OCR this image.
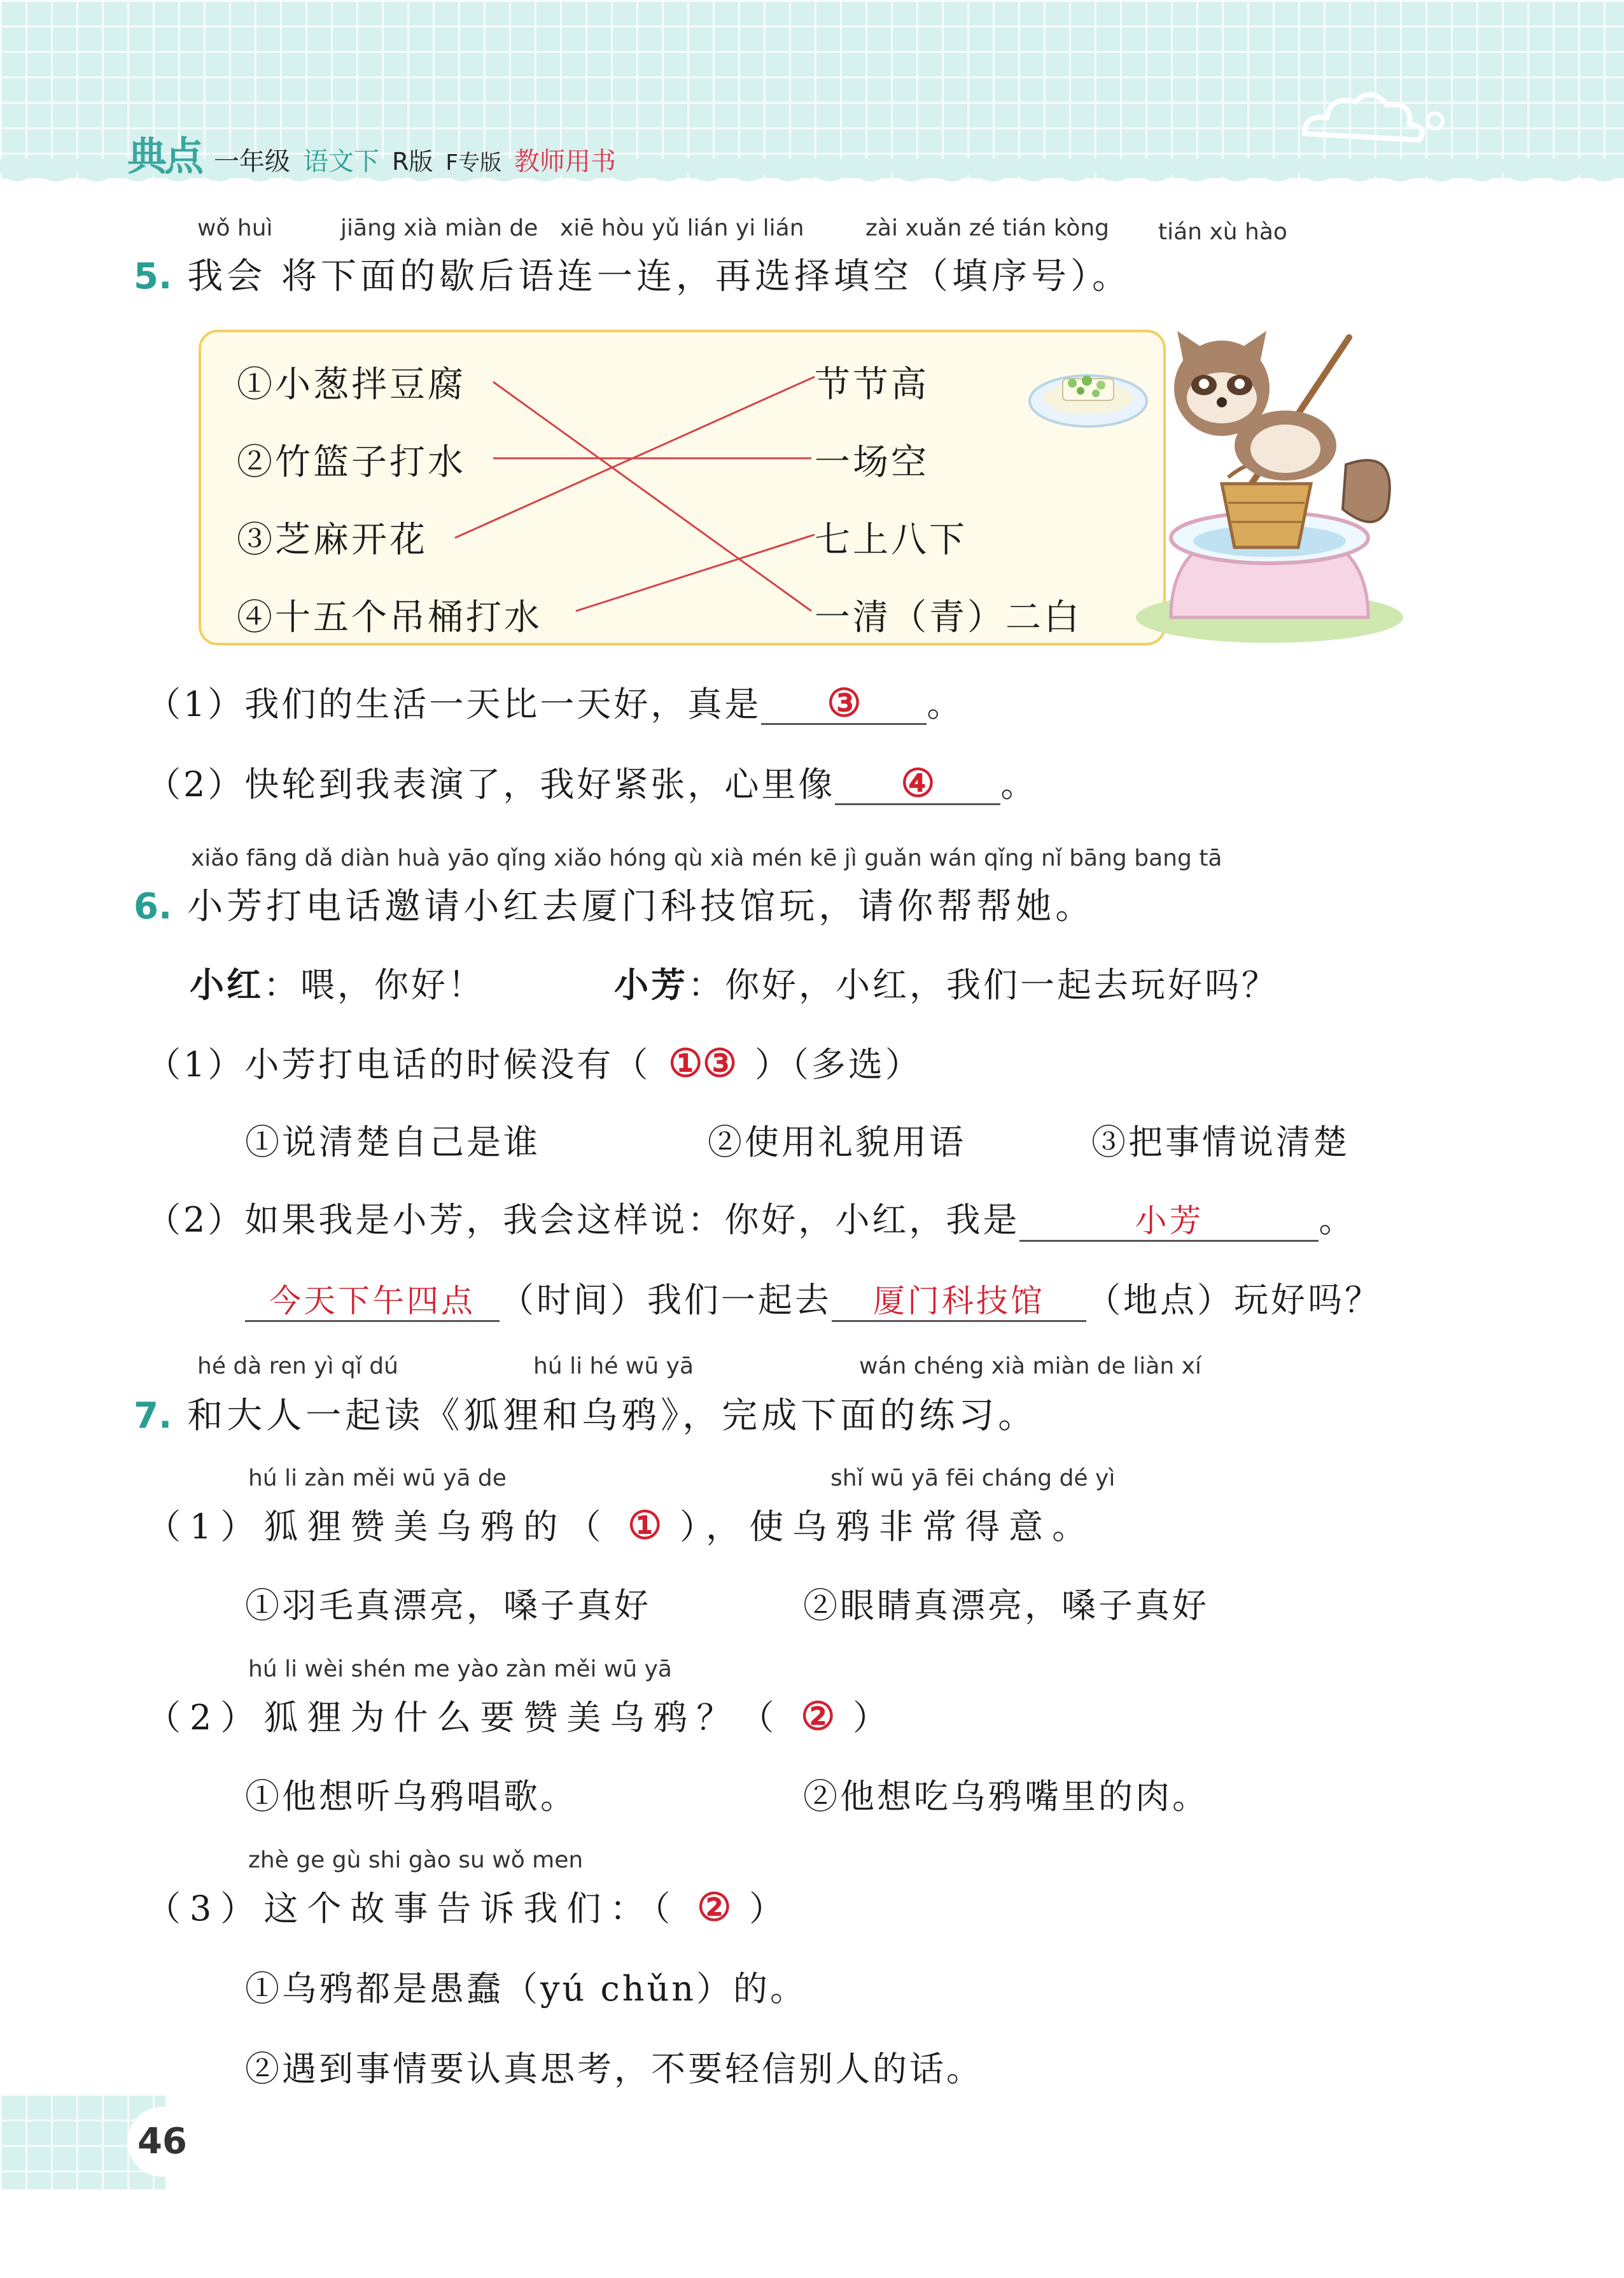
典点 一年级 语文下 R版 F专版 教师用书
wǒ huì	jiāng xià miàn de xiē hòu yǔ lián yi lián	zài xuǎn zé tián kòng tián xù hào
5. 我会 将下面的歇后语连一连，再选择填空（填序号）。
①小葱拌豆腐
②竹篮子打水
③芝麻开花
④十五个吊桶打水
节节高
一场空
七上八下
一清（青）二白
（1）我们的生活一天比一天好，真是 ③ 。
（2）快轮到我表演了，我好紧张，心里像 ④ 。
xiǎo fāng dǎ diàn huà yāo qǐng xiǎo hóng qù xià mén kē jì guǎn wán qǐng nǐ bāng bang tā
6. 小芳打电话邀请小红去厦门科技馆玩，请你帮帮她。
小红：喂，你好！	小芳：你好，小红，我们一起去玩好吗？
（1）小芳打电话的时候没有（ ①③ ）（多选）
①说清楚自己是谁	②使用礼貌用语	③把事情说清楚
（2）如果我是小芳，我会这样说：你好，小红，我是	小芳	。
今天下午四点 （时间）我们一起去 厦门科技馆 （地点）玩好吗？
hé dà ren yì qǐ dú	hú li hé wū yā	wán chéng xià miàn de liàn xí
7. 和大人一起读《狐狸和乌鸦》，完成下面的练习。
hú li zàn měi wū yā de	shǐ wū yā fēi cháng dé yì
（1）狐狸赞美乌鸦的（ ① ），使乌鸦非常得意。
①羽毛真漂亮，嗓子真好	②眼睛真漂亮，嗓子真好
hú li wèi shén me yào zàn měi wū yā
（2）狐狸为什么要赞美乌鸦？（ ② ）
①他想听乌鸦唱歌。	②他想吃乌鸦嘴里的肉。
zhè ge gù shi gào su wǒ men
（3）这个故事告诉我们：（ ② ）
①乌鸦都是愚蠢（yú chǔn）的。
②遇到事情要认真思考，不要轻信别人的话。
46
